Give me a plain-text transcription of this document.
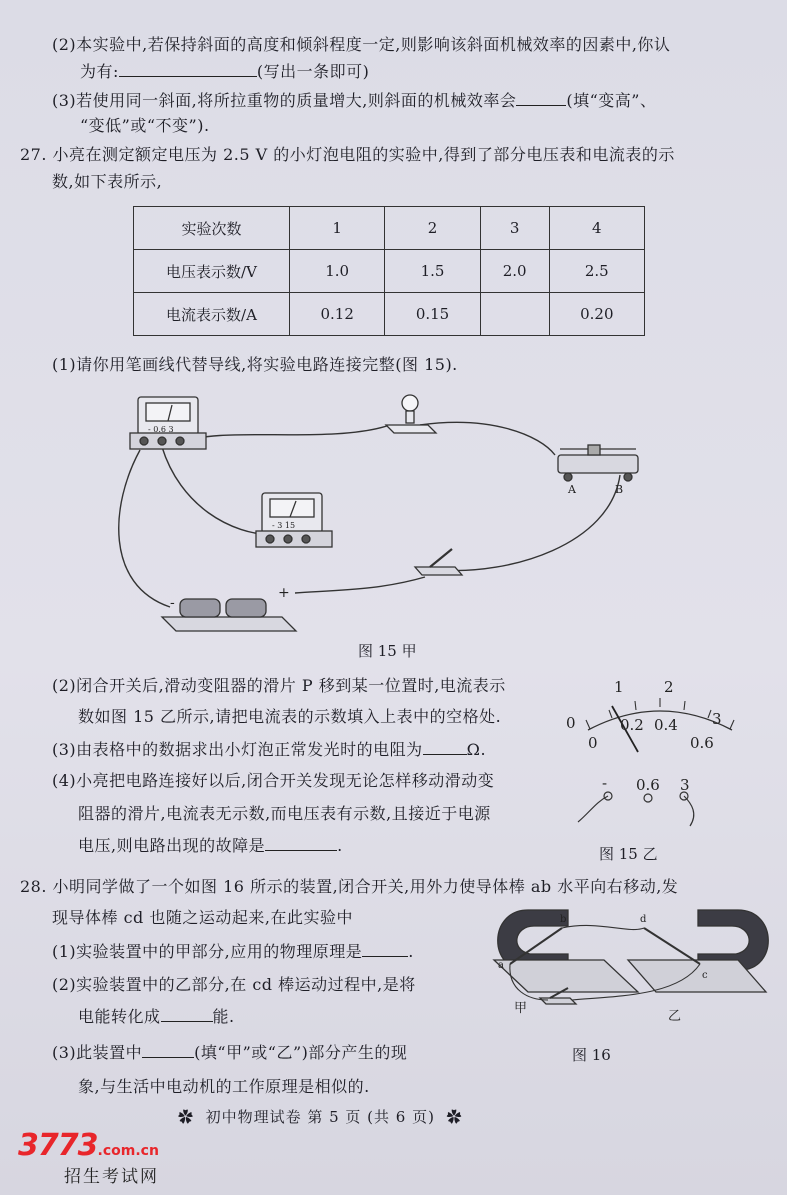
(2)本实验中,若保持斜面的高度和倾斜程度一定,则影响该斜面机械效率的因素中,你认
为有:	(写出一条即可)
(3)若使用同一斜面,将所拉重物的质量增大,则斜面的机械效率会	(填“变高”、
“变低”或“不变”).
27. 小亮在测定额定电压为 2.5 V 的小灯泡电阻的实验中,得到了部分电压表和电流表的示
数,如下表所示,
实验次数	1	2	3	4
电压表示数/V	1.0	1.5	2.0	2.5
电流表示数/A	0.12	0.15		0.20
(1)请你用笔画线代替导线,将实验电路连接完整(图 15).
- 0.6 3
- 3 15
A	B
-
+
图 15 甲
(2)闭合开关后,滑动变阻器的滑片 P 移到某一位置时,电流表示
数如图 15 乙所示,请把电流表的示数填入上表中的空格处.
(3)由表格中的数据求出小灯泡正常发光时的电阻为	Ω.
(4)小亮把电路连接好以后,闭合开关发现无论怎样移动滑动变
阻器的滑片,电流表无示数,而电压表有示数,且接近于电源
电压,则电路出现的故障是	.
0
1	2
3
0
0.2 0.4
0.6
- 0.6 3
图 15 乙
28. 小明同学做了一个如图 16 所示的装置,闭合开关,用外力使导体棒 ab 水平向右移动,发
现导体棒 cd 也随之运动起来,在此实验中
(1)实验装置中的甲部分,应用的物理原理是	.
(2)实验装置中的乙部分,在 cd 棒运动过程中,是将
电能转化成	能.
(3)此装置中	(填“甲”或“乙”)部分产生的现
象,与生活中电动机的工作原理是相似的.
a
b
c
d
甲
乙
图 16
✿ 初中物理试卷 第 5 页 (共 6 页) ✿
3773.com.cn
招生考试网
